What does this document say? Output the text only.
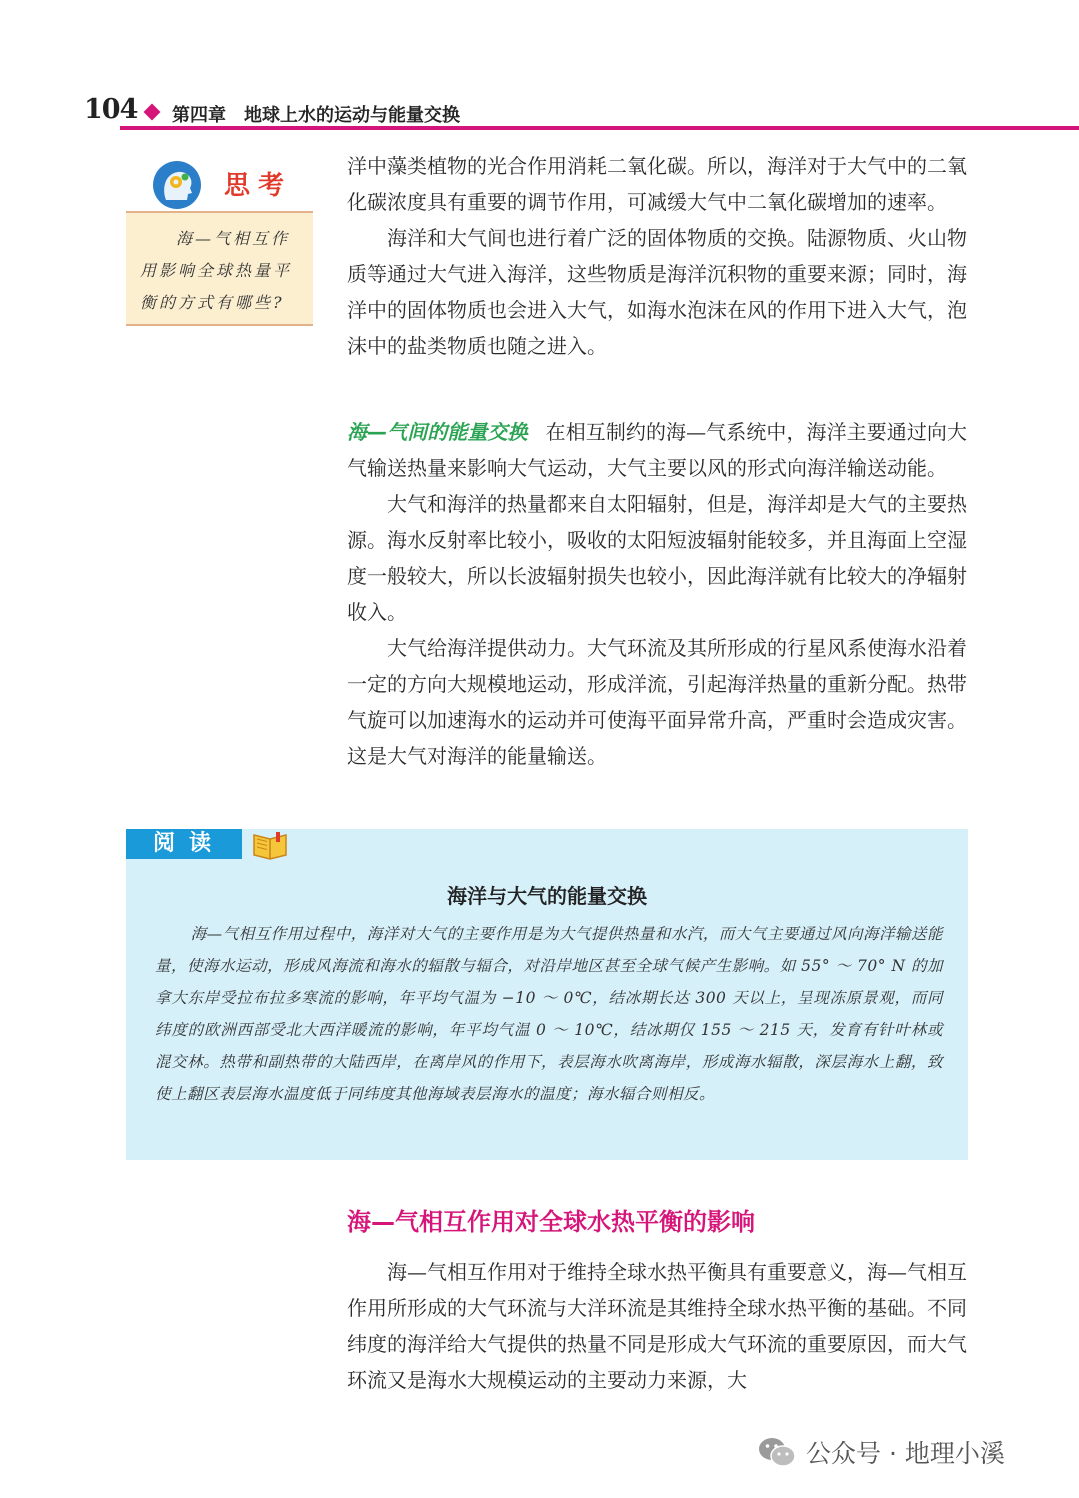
104 第四章 地球上水的运动与能量交换
思考
海—气相互作用影响全球热量平衡的方式有哪些?

洋中藻类植物的光合作用消耗二氧化碳。所以，海洋对于大气中的二氧化碳浓度具有重要的调节作用，可减缓大气中二氧化碳增加的速率。

海洋和大气间也进行着广泛的固体物质的交换。陆源物质、火山物质等通过大气进入海洋，这些物质是海洋沉积物的重要来源；同时，海洋中的固体物质也会进入大气，如海水泡沫在风的作用下进入大气，泡沫中的盐类物质也随之进入。

海—气间的能量交换 在相互制约的海—气系统中，海洋主要通过向大气输送热量来影响大气运动，大气主要以风的形式向海洋输送动能。

大气和海洋的热量都来自太阳辐射，但是，海洋却是大气的主要热源。海水反射率比较小，吸收的太阳短波辐射能较多，并且海面上空湿度一般较大，所以长波辐射损失也较小，因此海洋就有比较大的净辐射收入。

大气给海洋提供动力。大气环流及其所形成的行星风系使海水沿着一定的方向大规模地运动，形成洋流，引起海洋热量的重新分配。热带气旋可以加速海水的运动并可使海平面异常升高，严重时会造成灾害。这是大气对海洋的能量输送。

阅读
海洋与大气的能量交换
海—气相互作用过程中，海洋对大气的主要作用是为大气提供热量和水汽，而大气主要通过风向海洋输送能量，使海水运动，形成风海流和海水的辐散与辐合，对沿岸地区甚至全球气候产生影响。如 55° ～ 70° N 的加拿大东岸受拉布拉多寒流的影响，年平均气温为 −10 ～ 0℃，结冰期长达 300 天以上，呈现冻原景观，而同纬度的欧洲西部受北大西洋暖流的影响，年平均气温 0 ～ 10℃，结冰期仅 155 ～ 215 天，发育有针叶林或混交林。热带和副热带的大陆西岸，在离岸风的作用下，表层海水吹离海岸，形成海水辐散，深层海水上翻，致使上翻区表层海水温度低于同纬度其他海域表层海水的温度；海水辐合则相反。
海—气相互作用对全球水热平衡的影响

海—气相互作用对于维持全球水热平衡具有重要意义，海—气相互作用所形成的大气环流与大洋环流是其维持全球水热平衡的基础。不同纬度的海洋给大气提供的热量不同是形成大气环流的重要原因，而大气环流又是海水大规模运动的主要动力来源，大

公众号 · 地理小溪
